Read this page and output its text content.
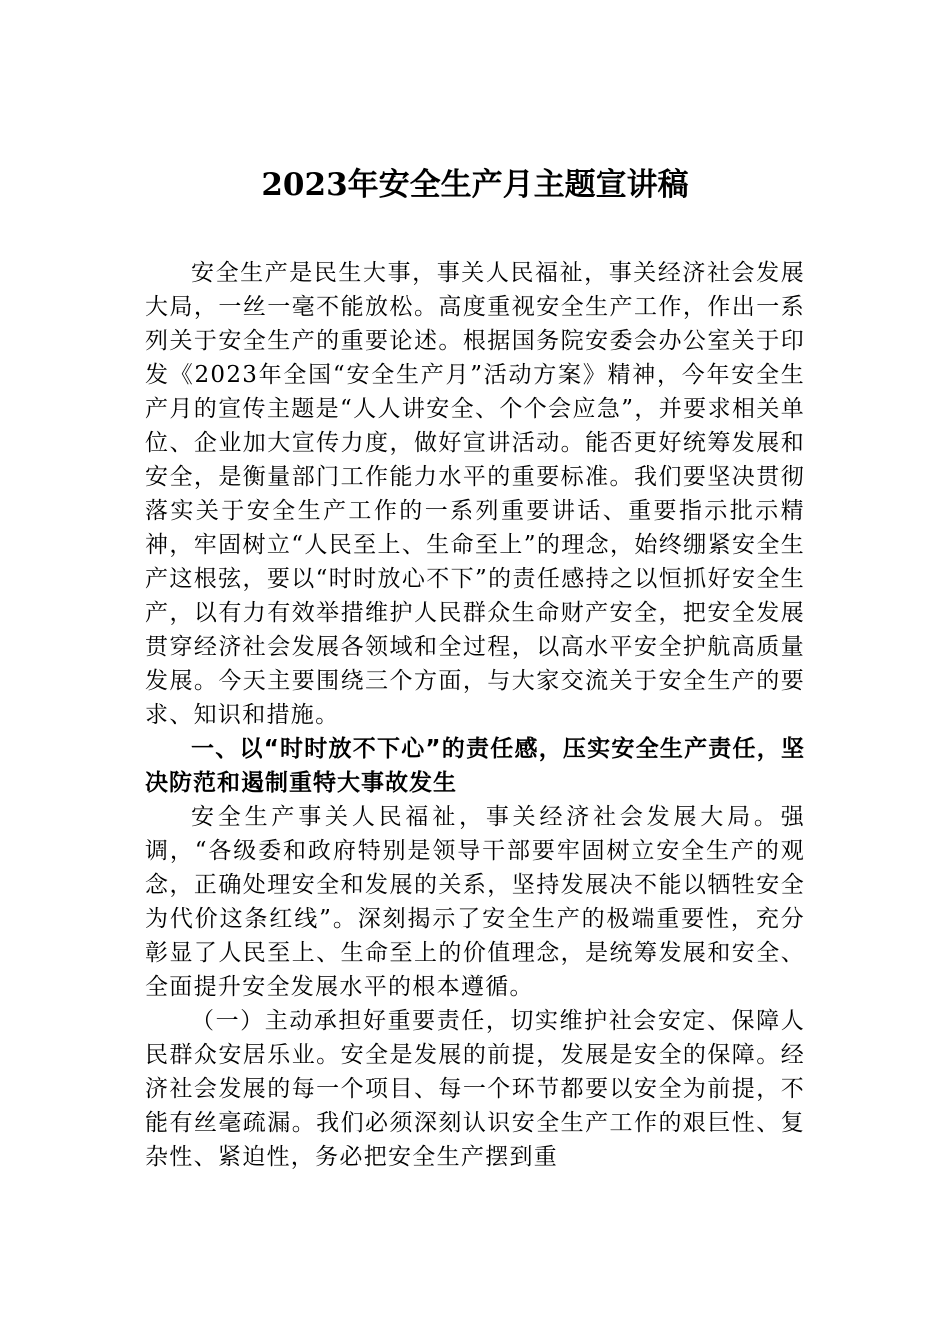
2023年安全生产月主题宣讲稿

安全生产是民生大事，事关人民福祉，事关经济社会发展大局，一丝一毫不能放松。高度重视安全生产工作，作出一系列关于安全生产的重要论述。根据国务院安委会办公室关于印发《2023年全国“安全生产月”活动方案》精神，今年安全生产月的宣传主题是“人人讲安全、个个会应急”，并要求相关单位、企业加大宣传力度，做好宣讲活动。能否更好统筹发展和安全，是衡量部门工作能力水平的重要标准。我们要坚决贯彻落实关于安全生产工作的一系列重要讲话、重要指示批示精神，牢固树立“人民至上、生命至上”的理念，始终绷紧安全生产这根弦，要以“时时放心不下”的责任感持之以恒抓好安全生产，以有力有效举措维护人民群众生命财产安全，把安全发展贯穿经济社会发展各领域和全过程，以高水平安全护航高质量发展。今天主要围绕三个方面，与大家交流关于安全生产的要求、知识和措施。

一、以“时时放不下心”的责任感，压实安全生产责任，坚决防范和遏制重特大事故发生

安全生产事关人民福祉，事关经济社会发展大局。强调，“各级委和政府特别是领导干部要牢固树立安全生产的观念，正确处理安全和发展的关系，坚持发展决不能以牺牲安全为代价这条红线”。深刻揭示了安全生产的极端重要性，充分彰显了人民至上、生命至上的价值理念，是统筹发展和安全、全面提升安全发展水平的根本遵循。

（一）主动承担好重要责任，切实维护社会安定、保障人民群众安居乐业。安全是发展的前提，发展是安全的保障。经济社会发展的每一个项目、每一个环节都要以安全为前提，不能有丝毫疏漏。我们必须深刻认识安全生产工作的艰巨性、复杂性、紧迫性，务必把安全生产摆到重
